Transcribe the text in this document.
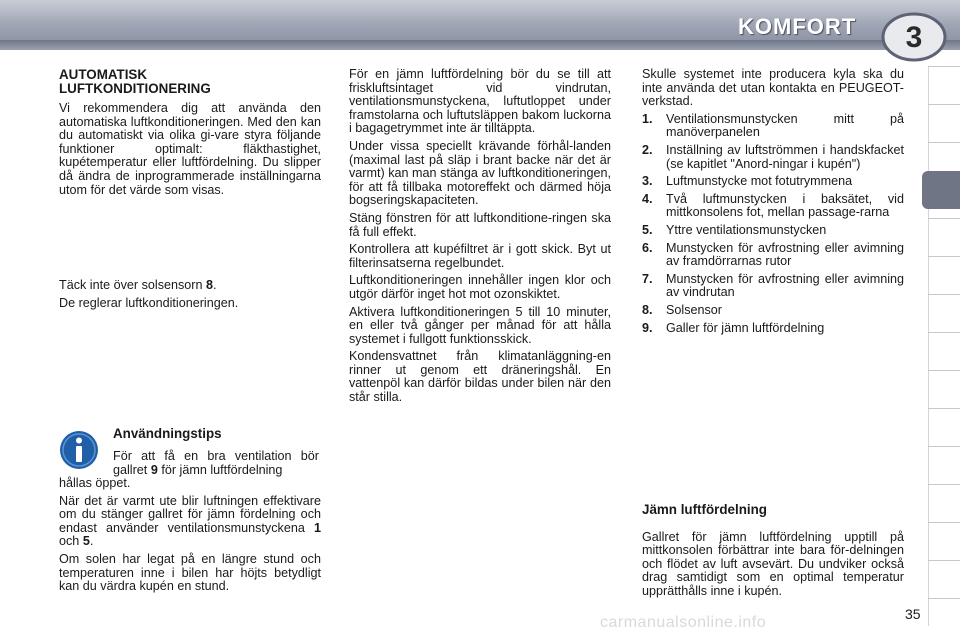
KOMFORT	3
AUTOMATISK
LUFTKONDITIONERING

Vi rekommendera dig att använda den automatiska luftkonditioneringen. Med den kan du automatiskt via olika gi-vare styra följande funktioner optimalt: fläkthastighet, kupétemperatur eller luftfördelning. Du slipper då ändra de inprogrammerade inställningarna utom för det värde som visas.

Täck inte över solsensorn 8.

De reglerar luftkonditioneringen.

Användningstips
För att få en bra ventilation bör gallret 9 för jämn luftfördelning

hållas öppet.

När det är varmt ute blir luftningen effektivare om du stänger gallret för jämn fördelning och endast använder ventilationsmunstyckena 1 och 5.

Om solen har legat på en längre stund och temperaturen inne i bilen har höjts betydligt kan du värdra kupén en stund.

För en jämn luftfördelning bör du se till att friskluftsintaget vid vindrutan, ventilationsmunstyckena, luftutloppet under framstolarna och luftutsläppen bakom luckorna i bagagetrymmet inte är tilltäppta.

Under vissa speciellt krävande förhål-landen (maximal last på släp i brant backe när det är varmt) kan man stänga av luftkonditioneringen, för att få tillbaka motoreffekt och därmed höja bogseringskapaciteten.

Stäng fönstren för att luftkonditione-ringen ska få full effekt.

Kontrollera att kupéfiltret är i gott skick. Byt ut filterinsatserna regelbundet.

Luftkonditioneringen innehåller ingen klor och utgör därför inget hot mot ozonskiktet.

Aktivera luftkonditioneringen 5 till 10 minuter, en eller två gånger per månad för att hålla systemet i fullgott funktionsskick.

Kondensvattnet från klimatanläggning-en rinner ut genom ett dräneringshål. En vattenpöl kan därför bildas under bilen när den står stilla.

Skulle systemet inte producera kyla ska du inte använda det utan kontakta en PEUGEOT-verkstad.

1. Ventilationsmunstycken mitt på manöverpanelen
2. Inställning av luftströmmen i handskfacket (se kapitlet "Anord-ningar i kupén")
3. Luftmunstycke mot fotutrymmena
4. Två luftmunstycken i baksätet, vid mittkonsolens fot, mellan passage-rarna
5. Yttre ventilationsmunstycken
6. Munstycken för avfrostning eller avimning av framdörrarnas rutor
7. Munstycken för avfrostning eller avimning av vindrutan
8. Solsensor
9. Galler för jämn luftfördelning
Jämn luftfördelning

Gallret för jämn luftfördelning upptill på mittkonsolen förbättrar inte bara för-delningen och flödet av luft avsevärt. Du undviker också drag samtidigt som en optimal temperatur upprätthålls inne i kupén.

carmanualsonline.info	35
